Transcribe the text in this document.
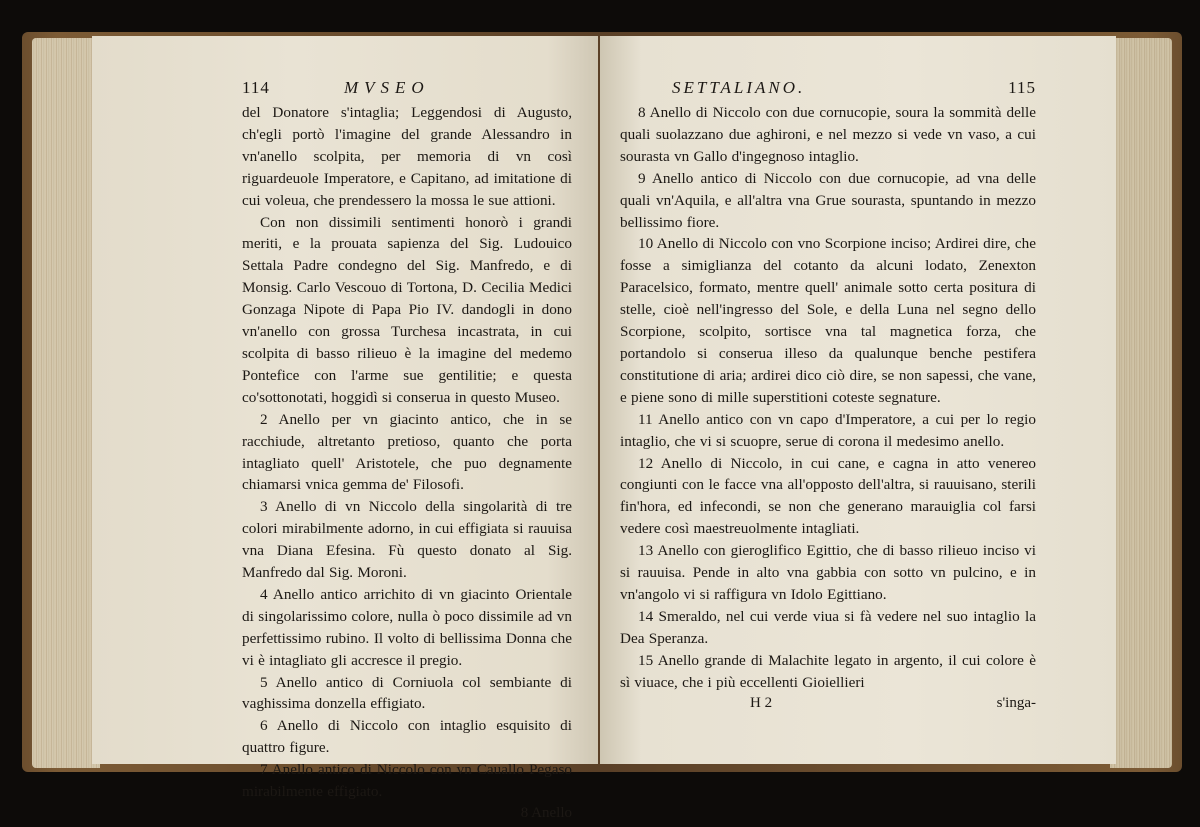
114	MVSEO

del Donatore s'intaglia; Leggendosi di Augusto, ch'egli portò l'imagine del grande Alessandro in vn'anello scolpita, per memoria di vn così riguardeuole Imperatore, e Capitano, ad imitatione di cui voleua, che prendessero la mossa le sue attioni.

Con non dissimili sentimenti honorò i grandi meriti, e la prouata sapienza del Sig. Ludouico Settala Padre condegno del Sig. Manfredo, e di Monsig. Carlo Vescouo di Tortona, D. Cecilia Medici Gonzaga Nipote di Papa Pio IV. dandogli in dono vn'anello con grossa Turchesa incastrata, in cui scolpita di basso rilieuo è la imagine del medemo Pontefice con l'arme sue gentilitie; e questa co'sottonotati, hoggidì si conserua in questo Museo.

2 Anello per vn giacinto antico, che in se racchiude, altretanto pretioso, quanto che porta intagliato quell' Aristotele, che puo degnamente chiamarsi vnica gemma de' Filosofi.

3 Anello di vn Niccolo della singolarità di tre colori mirabilmente adorno, in cui effigiata si rauuisa vna Diana Efesina. Fù questo donato al Sig. Manfredo dal Sig. Moroni.

4 Anello antico arrichito di vn giacinto Orientale di singolarissimo colore, nulla ò poco dissimile ad vn perfettissimo rubino. Il volto di bellissima Donna che vi è intagliato gli accresce il pregio.

5 Anello antico di Corniuola col sembiante di vaghissima donzella effigiato.

6 Anello di Niccolo con intaglio esquisito di quattro figure.

7 Anello antico di Niccolo con vn Cauallo Pegaso mirabilmente effigiato.

8 Anello
SETTALIANO.	115

8 Anello di Niccolo con due cornucopie, soura la sommità delle quali suolazzano due aghironi, e nel mezzo si vede vn vaso, a cui sourasta vn Gallo d'ingegnoso intaglio.

9 Anello antico di Niccolo con due cornucopie, ad vna delle quali vn'Aquila, e all'altra vna Grue sourasta, spuntando in mezzo bellissimo fiore.

10 Anello di Niccolo con vno Scorpione inciso; Ardirei dire, che fosse a simiglianza del cotanto da alcuni lodato, Zenexton Paracelsico, formato, mentre quell' animale sotto certa positura di stelle, cioè nell'ingresso del Sole, e della Luna nel segno dello Scorpione, scolpito, sortisce vna tal magnetica forza, che portandolo si conserua illeso da qualunque benche pestifera constitutione di aria; ardirei dico ciò dire, se non sapessi, che vane, e piene sono di mille superstitioni coteste segnature.

11 Anello antico con vn capo d'Imperatore, a cui per lo regio intaglio, che vi si scuopre, serue di corona il medesimo anello.

12 Anello di Niccolo, in cui cane, e cagna in atto venereo congiunti con le facce vna all'opposto dell'altra, si rauuisano, sterili fin'hora, ed infecondi, se non che generano marauiglia col farsi vedere così maestreuolmente intagliati.

13 Anello con gieroglifico Egittio, che di basso rilieuo inciso vi si rauuisa. Pende in alto vna gabbia con sotto vn pulcino, e in vn'angolo vi si raffigura vn Idolo Egittiano.

14 Smeraldo, nel cui verde viua si fà vedere nel suo intaglio la Dea Speranza.

15 Anello grande di Malachite legato in argento, il cui colore è sì viuace, che i più eccellenti Gioiellieri

H 2	s'inga-
